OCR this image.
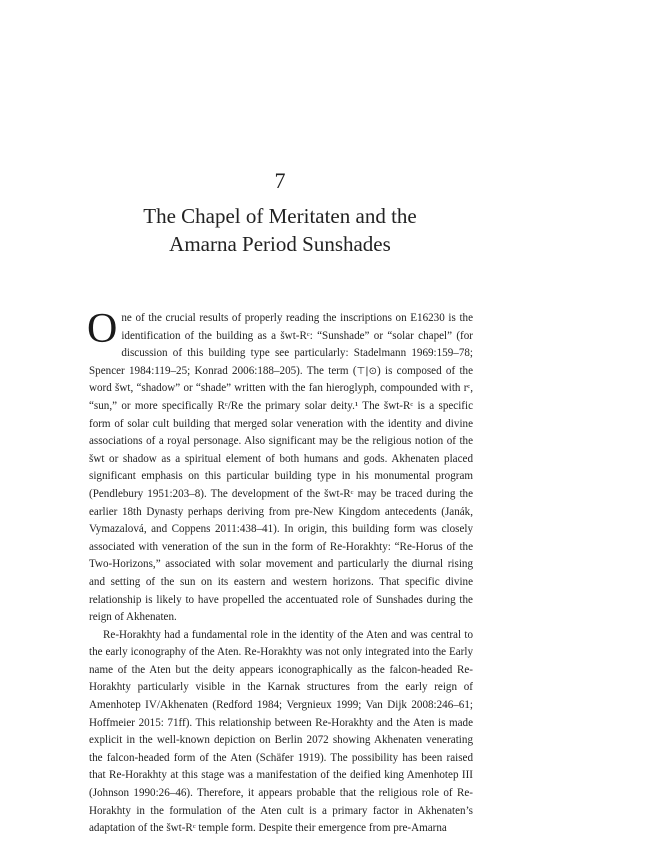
7
The Chapel of Meritaten and the
Amarna Period Sunshades

One of the crucial results of properly reading the inscriptions on E16230 is the identification of the building as a šwt-Rᶜ: “Sunshade” or “solar chapel” (for discussion of this building type see particularly: Stadelmann 1969:159–78; Spencer 1984:119–25; Konrad 2006:188–205). The term (⊤|⊙) is composed of the word šwt, “shadow” or “shade” written with the fan hieroglyph, compounded with rᶜ, “sun,” or more specifically Rᶜ/Re the primary solar deity.¹ The šwt-Rᶜ is a specific form of solar cult building that merged solar veneration with the identity and divine associations of a royal personage. Also significant may be the religious notion of the šwt or shadow as a spiritual element of both humans and gods. Akhenaten placed significant emphasis on this particular building type in his monumental program (Pendlebury 1951:203–8). The development of the šwt-Rᶜ may be traced during the earlier 18th Dynasty perhaps deriving from pre-New Kingdom antecedents (Janák, Vymazalová, and Coppens 2011:438–41). In origin, this building form was closely associated with veneration of the sun in the form of Re-Horakhty: “Re-Horus of the Two-Horizons,” associated with solar movement and particularly the diurnal rising and setting of the sun on its eastern and western horizons. That specific divine relationship is likely to have propelled the accentuated role of Sunshades during the reign of Akhenaten.

Re-Horakhty had a fundamental role in the identity of the Aten and was central to the early iconography of the Aten. Re-Horakhty was not only integrated into the Early name of the Aten but the deity appears iconographically as the falcon-headed Re-Horakhty particularly visible in the Karnak structures from the early reign of Amenhotep IV/Akhenaten (Redford 1984; Vergnieux 1999; Van Dijk 2008:246–61; Hoffmeier 2015: 71ff). This relationship between Re-Horakhty and the Aten is made explicit in the well-known depiction on Berlin 2072 showing Akhenaten venerating the falcon-headed form of the Aten (Schäfer 1919). The possibility has been raised that Re-Horakhty at this stage was a manifestation of the deified king Amenhotep III (Johnson 1990:26–46). Therefore, it appears probable that the religious role of Re-Horakhty in the formulation of the Aten cult is a primary factor in Akhenaten’s adaptation of the šwt-Rᶜ temple form. Despite their emergence from pre-Amarna
